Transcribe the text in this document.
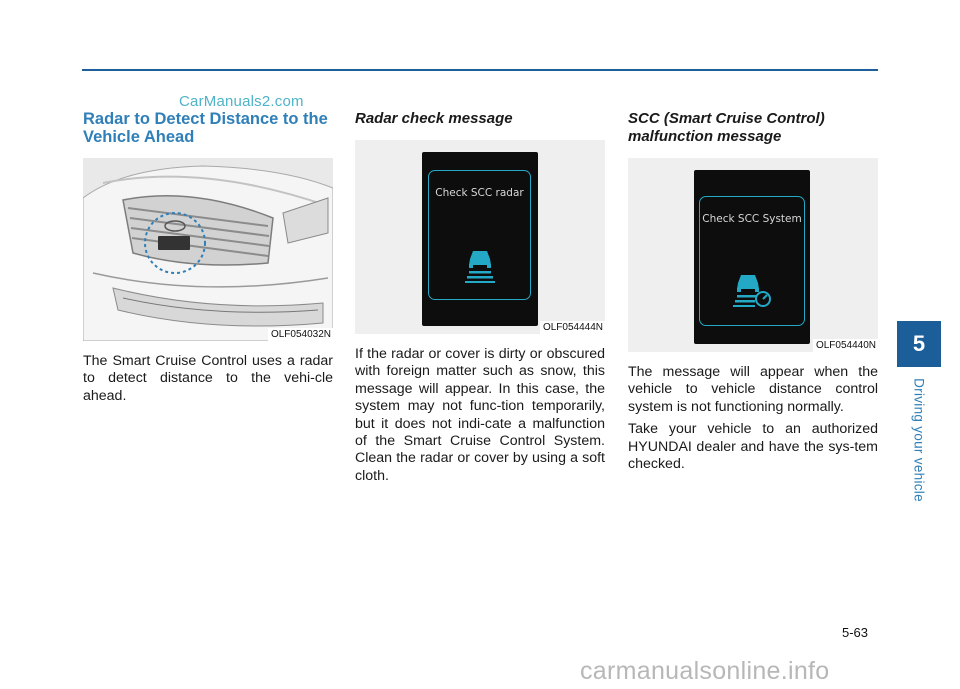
CarManuals2.com
Radar to Detect Distance to the Vehicle Ahead
OLF054032N

The Smart Cruise Control uses a radar to detect distance to the vehi-cle ahead.

Radar check message
Check SCC radar
OLF054444N

If the radar or cover is dirty or obscured with foreign matter such as snow, this message will appear. In this case, the system may not func-tion temporarily, but it does not indi-cate a malfunction of the Smart Cruise Control System. Clean the radar or cover by using a soft cloth.

SCC (Smart Cruise Control) malfunction message
Check SCC System
OLF054440N

The message will appear when the vehicle to vehicle distance control system is not functioning normally.

Take your vehicle to an authorized HYUNDAI dealer and have the sys-tem checked.

5
Driving your vehicle
5-63
carmanualsonline.info
